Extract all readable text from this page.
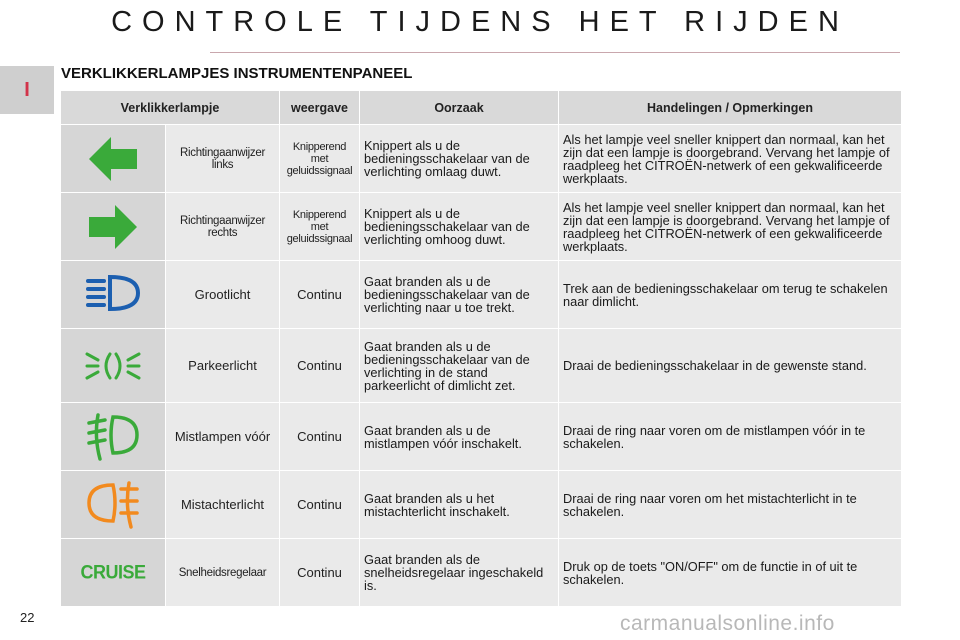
CONTROLE TIJDENS HET RIJDEN
I
VERKLIKKERLAMPJES INSTRUMENTENPANEEL
Verklikkerlampje		weergave	Oorzaak	Handelingen / Opmerkingen

Richtingaanwijzer links	Knipperend met geluidssignaal	Knippert als u de bedieningsschakelaar van de verlichting omlaag duwt.	Als het lampje veel sneller knippert dan normaal, kan het zijn dat een lampje is doorgebrand. Vervang het lampje of raadpleeg het CITROËN-netwerk of een gekwalificeerde werkplaats.

Richtingaanwijzer rechts	Knipperend met geluidssignaal	Knippert als u de bedieningsschakelaar van de verlichting omhoog duwt.	Als het lampje veel sneller knippert dan normaal, kan het zijn dat een lampje is doorgebrand. Vervang het lampje of raadpleeg het CITROËN-netwerk of een gekwalificeerde werkplaats.

Grootlicht	Continu	Gaat branden als u de bedieningsschakelaar van de verlichting naar u toe trekt.	Trek aan de bedieningsschakelaar om terug te schakelen naar dimlicht.

Parkeerlicht	Continu	Gaat branden als u de bedieningsschakelaar van de verlichting in de stand parkeerlicht of dimlicht zet.	Draai de bedieningsschakelaar in de gewenste stand.

Mistlampen vóór	Continu	Gaat branden als u de mistlampen vóór inschakelt.	Draai de ring naar voren om de mistlampen vóór in te schakelen.

Mistachterlicht	Continu	Gaat branden als u het mistachterlicht inschakelt.	Draai de ring naar voren om het mistachterlicht in te schakelen.

CRUISE	Snelheidsregelaar	Continu	Gaat branden als de snelheidsregelaar ingeschakeld is.	Druk op de toets "ON/OFF" om de functie in of uit te schakelen.
22	carmanualsonline.info
